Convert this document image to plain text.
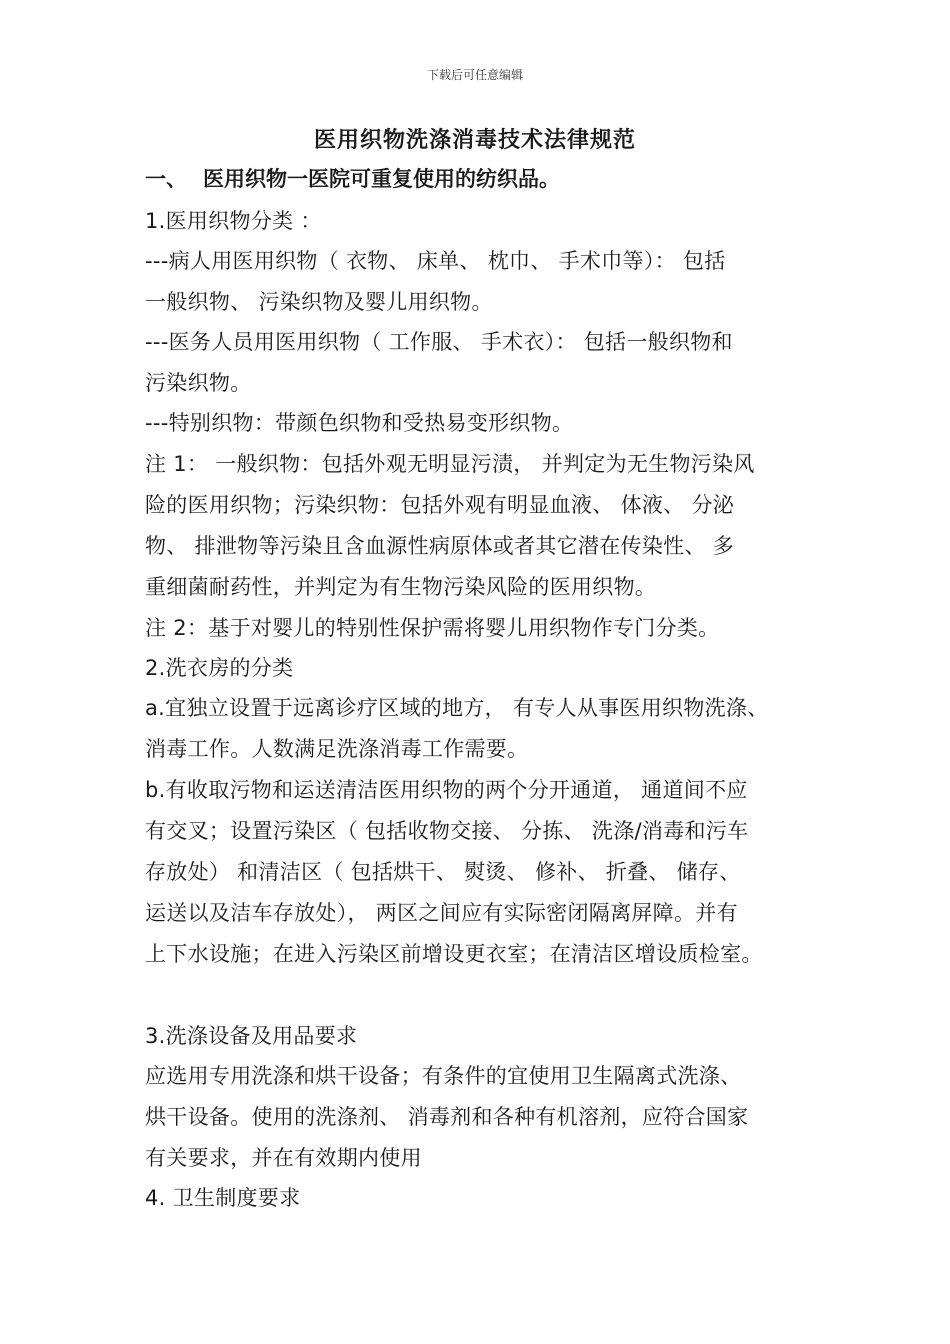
下载后可任意编辑
医用织物洗涤消毒技术法律规范
一、 医用织物一医院可重复使用的纺织品。
1.医用织物分类 ：
---病人用医用织物（ 衣物、 床单、 枕巾、 手术巾等）： 包括
一般织物、 污染织物及婴儿用织物。
---医务人员用医用织物（ 工作服、 手术衣）： 包括一般织物和
污染织物。
---特别织物：带颜色织物和受热易变形织物。
注 1： 一般织物：包括外观无明显污渍， 并判定为无生物污染风
险的医用织物；污染织物：包括外观有明显血液、 体液、 分泌
物、 排泄物等污染且含血源性病原体或者其它潜在传染性、 多
重细菌耐药性，并判定为有生物污染风险的医用织物。
注 2：基于对婴儿的特别性保护需将婴儿用织物作专门分类。
2.洗衣房的分类
a.宜独立设置于远离诊疗区域的地方， 有专人从事医用织物洗涤、
消毒工作。人数满足洗涤消毒工作需要。
b.有收取污物和运送清洁医用织物的两个分开通道， 通道间不应
有交叉；设置污染区（ 包括收物交接、 分拣、 洗涤/消毒和污车
存放处） 和清洁区（ 包括烘干、 熨烫、 修补、 折叠、 储存、
运送以及洁车存放处）， 两区之间应有实际密闭隔离屏障。并有
上下水设施；在进入污染区前增设更衣室；在清洁区增设质检室。
3.洗涤设备及用品要求
应选用专用洗涤和烘干设备；有条件的宜使用卫生隔离式洗涤、
烘干设备。使用的洗涤剂、 消毒剂和各种有机溶剂，应符合国家
有关要求，并在有效期内使用
4. 卫生制度要求
